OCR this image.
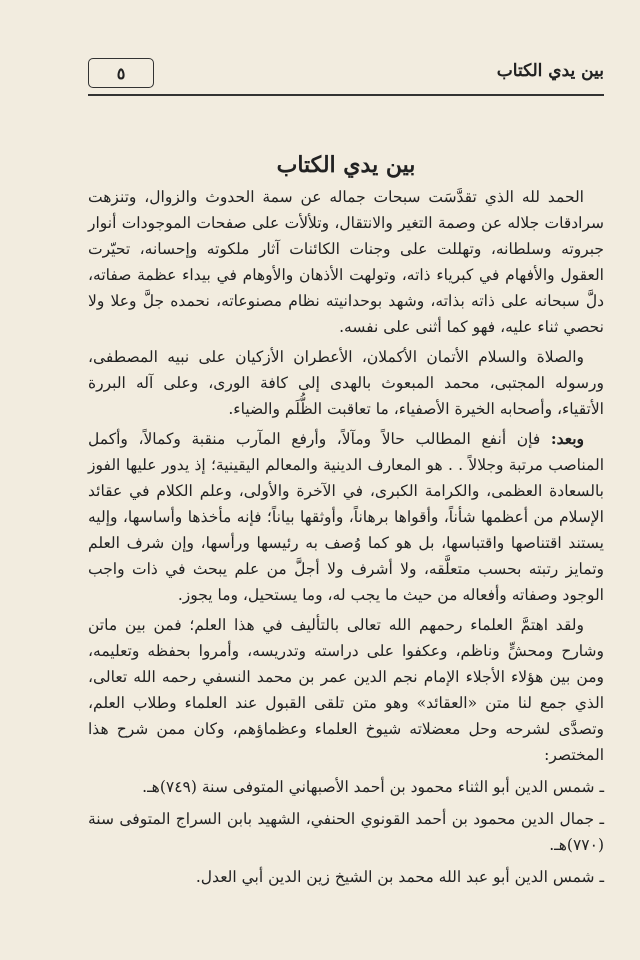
٥	بين يدي الكتاب
بين يدي الكتاب

الحمد لله الذي تقدَّسَت سبحات جماله عن سمة الحدوث والزوال، وتنزهت سرادقات جلاله عن وصمة التغير والانتقال، وتلألأت على صفحات الموجودات أنوار جبروته وسلطانه، وتهللت على وجنات الكائنات آثار ملكوته وإحسانه، تحيّرت العقول والأفهام في كبرياء ذاته، وتولهت الأذهان والأوهام في بيداء عظمة صفاته، دلَّ سبحانه على ذاته بذاته، وشهد بوحدانيته نظام مصنوعاته، نحمده جلَّ وعلا ولا نحصي ثناء عليه، فهو كما أثنى على نفسه.

والصلاة والسلام الأتمان الأكملان، الأعطران الأزكيان على نبيه المصطفى، ورسوله المجتبى، محمد المبعوث بالهدى إلى كافة الورى، وعلى آله البررة الأتقياء، وأصحابه الخيرة الأصفياء، ما تعاقبت الظُّلَم والضياء.

وبعد: فإن أنفع المطالب حالاً ومآلاً، وأرفع المآرب منقبة وكمالاً، وأكمل المناصب مرتبة وجلالاً . . هو المعارف الدينية والمعالم اليقينية؛ إذ يدور عليها الفوز بالسعادة العظمى، والكرامة الكبرى، في الآخرة والأولى، وعلم الكلام في عقائد الإسلام من أعظمها شأناً، وأقواها برهاناً، وأوثقها بياناً؛ فإنه مأخذها وأساسها، وإليه يستند اقتناصها واقتباسها، بل هو كما وُصف به رئيسها ورأسها، وإن شرف العلم وتمايز رتبته بحسب متعلَّقه، ولا أشرف ولا أجلَّ من علم يبحث في ذات واجب الوجود وصفاته وأفعاله من حيث ما يجب له، وما يستحيل، وما يجوز.

ولقد اهتمَّ العلماء رحمهم الله تعالى بالتأليف في هذا العلم؛ فمن بين ماتن وشارح ومحشٍّ وناظم، وعكفوا على دراسته وتدريسه، وأمروا بحفظه وتعليمه، ومن بين هؤلاء الأجلاء الإمام نجم الدين عمر بن محمد النسفي رحمه الله تعالى، الذي جمع لنا متن «العقائد» وهو متن تلقى القبول عند العلماء وطلاب العلم، وتصدَّى لشرحه وحل معضلاته شيوخ العلماء وعظماؤهم، وكان ممن شرح هذا المختصر:

ـ شمس الدين أبو الثناء محمود بن أحمد الأصبهاني المتوفى سنة (٧٤٩)هـ.

ـ جمال الدين محمود بن أحمد القونوي الحنفي، الشهيد بابن السراج المتوفى سنة (٧٧٠)هـ.

ـ شمس الدين أبو عبد الله محمد بن الشيخ زين الدين أبي العدل.
